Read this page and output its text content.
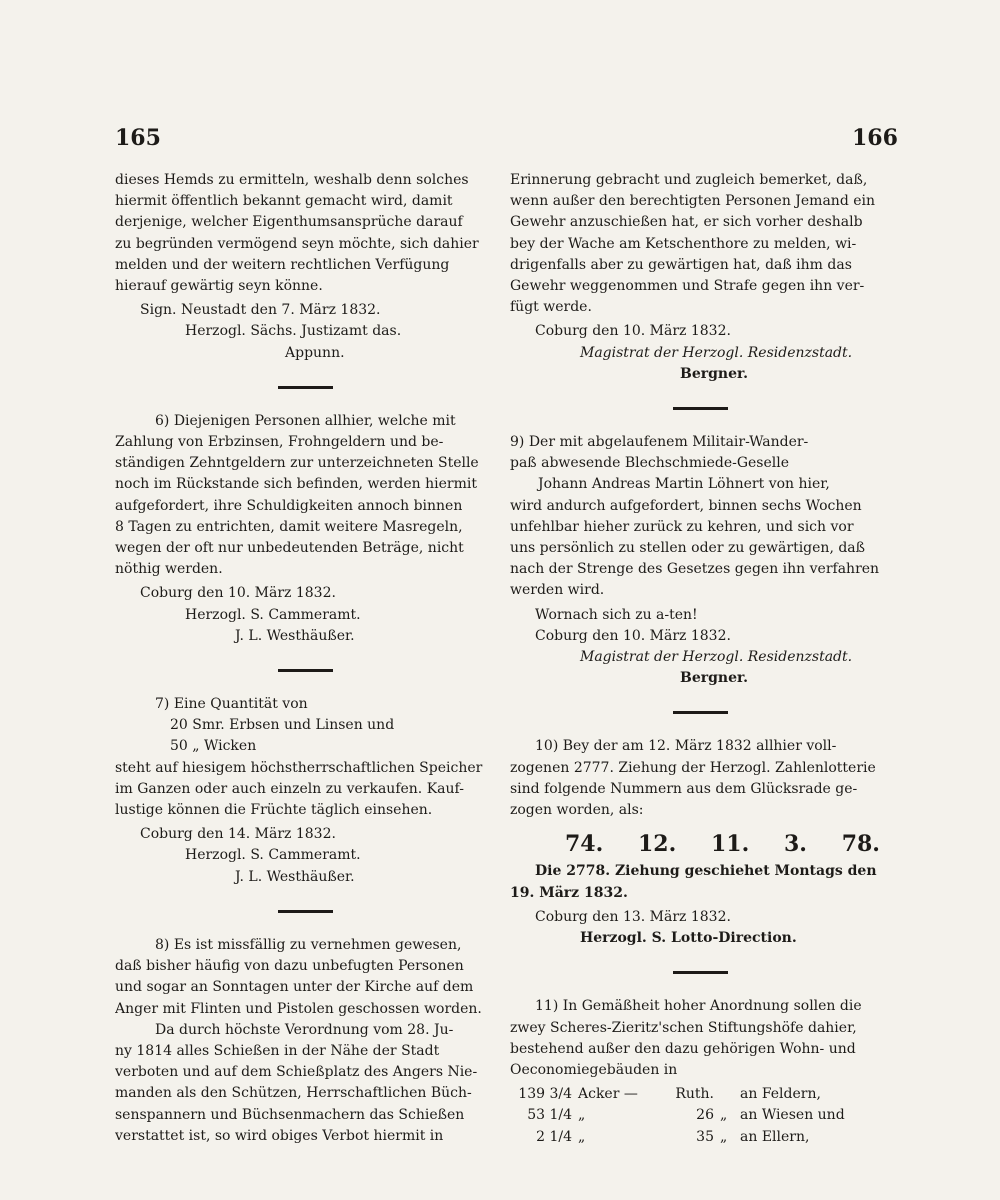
165	166
dieses Hemds zu ermitteln, weshalb denn solches
hiermit öffentlich bekannt gemacht wird, damit
derjenige, welcher Eigenthumsansprüche darauf
zu begründen vermögend seyn möchte, sich dahier
melden und der weitern rechtlichen Verfügung
hierauf gewärtig seyn könne.
Sign. Neustadt den 7. März 1832.
Herzogl. Sächs. Justizamt das.
Appunn.
6) Diejenigen Personen allhier, welche mit
Zahlung von Erbzinsen, Frohngeldern und be-
ständigen Zehntgeldern zur unterzeichneten Stelle
noch im Rückstande sich befinden, werden hiermit
aufgefordert, ihre Schuldigkeiten annoch binnen
8 Tagen zu entrichten, damit weitere Masregeln,
wegen der oft nur unbedeutenden Beträge, nicht
nöthig werden.
Coburg den 10. März 1832.
Herzogl. S. Cammeramt.
J. L. Westhäußer.
7) Eine Quantität von
20 Smr. Erbsen und Linsen und
50 „ Wicken
steht auf hiesigem höchstherrschaftlichen Speicher
im Ganzen oder auch einzeln zu verkaufen. Kauf-
lustige können die Früchte täglich einsehen.
Coburg den 14. März 1832.
Herzogl. S. Cammeramt.
J. L. Westhäußer.
8) Es ist missfällig zu vernehmen gewesen,
daß bisher häufig von dazu unbefugten Personen
und sogar an Sonntagen unter der Kirche auf dem
Anger mit Flinten und Pistolen geschossen worden.
Da durch höchste Verordnung vom 28. Ju-
ny 1814 alles Schießen in der Nähe der Stadt
verboten und auf dem Schießplatz des Angers Nie-
manden als den Schützen, Herrschaftlichen Büch-
senspannern und Büchsenmachern das Schießen
verstattet ist, so wird obiges Verbot hiermit in
Erinnerung gebracht und zugleich bemerket, daß,
wenn außer den berechtigten Personen Jemand ein
Gewehr anzuschießen hat, er sich vorher deshalb
bey der Wache am Ketschenthore zu melden, wi-
drigenfalls aber zu gewärtigen hat, daß ihm das
Gewehr weggenommen und Strafe gegen ihn ver-
fügt werde.
Coburg den 10. März 1832.
Magistrat der Herzogl. Residenzstadt.
Bergner.
9) Der mit abgelaufenem Militair-Wander-
paß abwesende Blechschmiede-Geselle
Johann Andreas Martin Löhnert von hier,
wird andurch aufgefordert, binnen sechs Wochen
unfehlbar hieher zurück zu kehren, und sich vor
uns persönlich zu stellen oder zu gewärtigen, daß
nach der Strenge des Gesetzes gegen ihn verfahren
werden wird.
Wornach sich zu a-ten!
Coburg den 10. März 1832.
Magistrat der Herzogl. Residenzstadt.
Bergner.
10) Bey der am 12. März 1832 allhier voll-
zogenen 2777. Ziehung der Herzogl. Zahlenlotterie
sind folgende Nummern aus dem Glücksrade ge-
zogen worden, als:
74. 12. 11. 3. 78.
Die 2778. Ziehung geschiehet Montags den
19. März 1832.
Coburg den 13. März 1832.
Herzogl. S. Lotto-Direction.
11) In Gemäßheit hoher Anordnung sollen die
zwey Scheres-Zieritz'schen Stiftungshöfe dahier,
bestehend außer den dazu gehörigen Wohn- und
Oeconomiegebäuden in
139 3/4 Acker —	Ruth.	an Feldern,
53 1/4 „	26 „ an Wiesen und
2 1/4 „	35 „ an Ellern,
